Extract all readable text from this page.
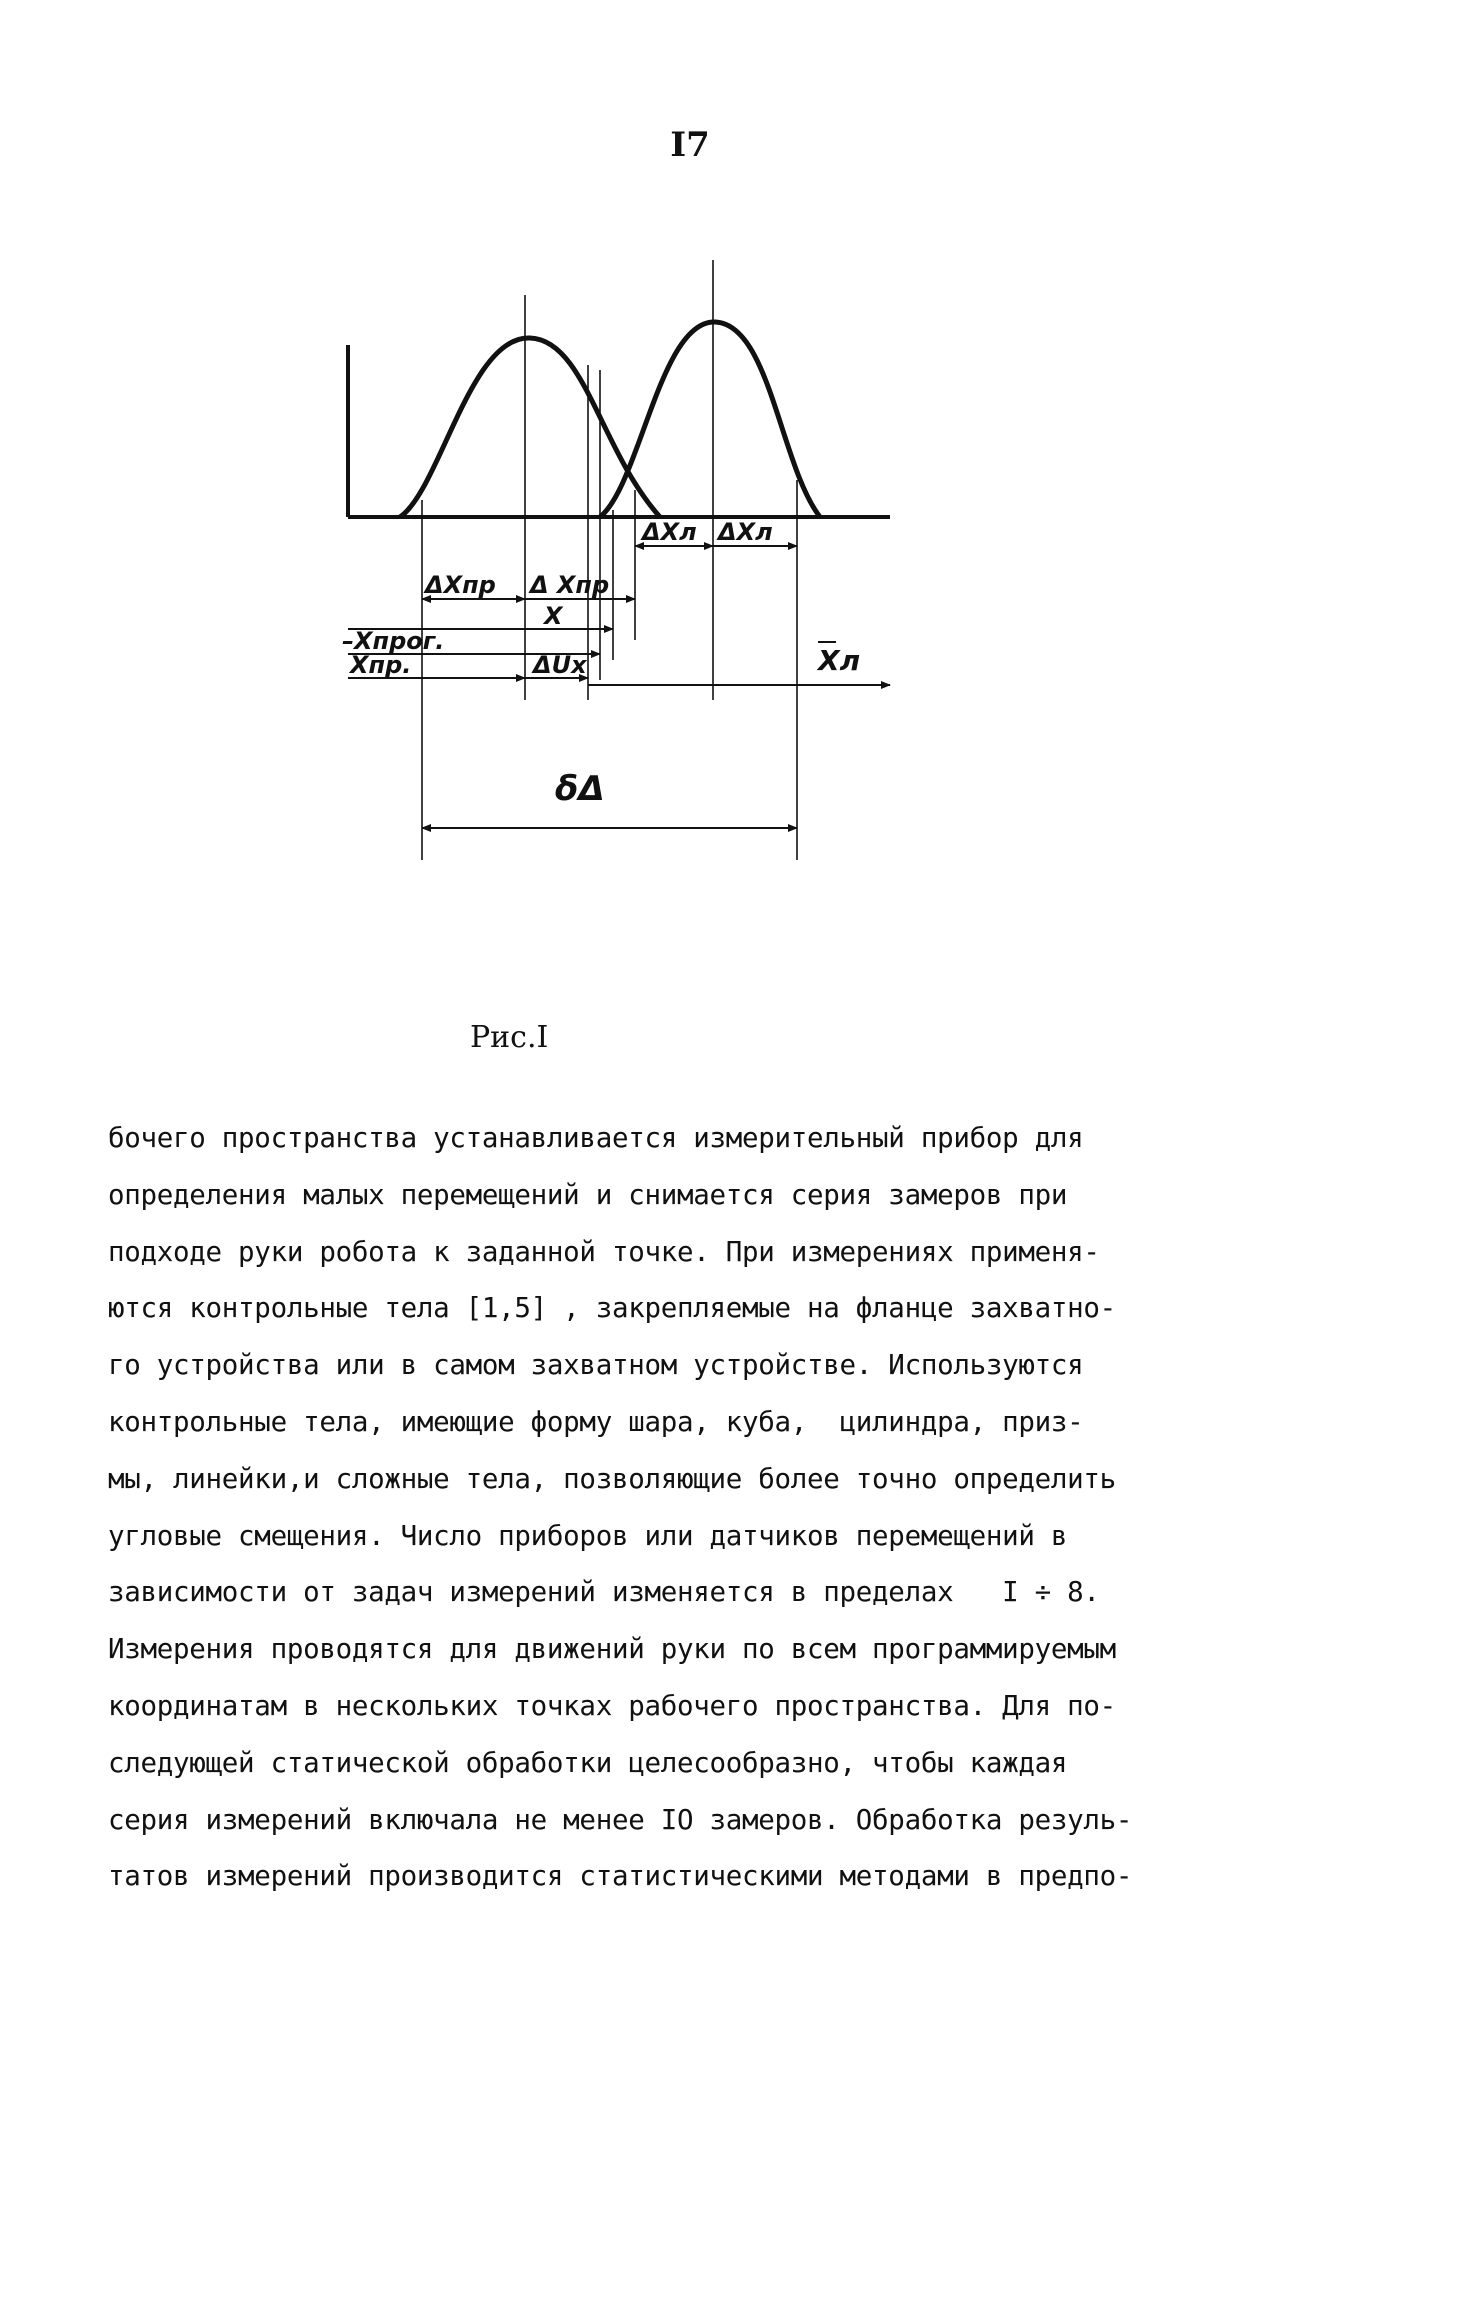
I7
ΔXл ΔXл
ΔXпр Δ Xпр
X
–Xпрог.
Xпр.	ΔUx	Xл
δΔ
Рис.I
бочего пространства устанавливается измерительный прибор для
определения малых перемещений и снимается серия замеров при
подходе руки робота к заданной точке. При измерениях применя-
ются контрольные тела [1,5] , закрепляемые на фланце захватно-
го устройства или в самом захватном устройстве. Используются
контрольные тела, имеющие форму шара, куба,  цилиндра, приз-
мы, линейки,и сложные тела, позволяющие более точно определить
угловые смещения. Число приборов или датчиков перемещений в
зависимости от задач измерений изменяется в пределах   I ÷ 8.
Измерения проводятся для движений руки по всем программируемым
координатам в нескольких точках рабочего пространства. Для по-
следующей статической обработки целесообразно, чтобы каждая
серия измерений включала не менее IO замеров. Обработка резуль-
татов измерений производится статистическими методами в предпо-
